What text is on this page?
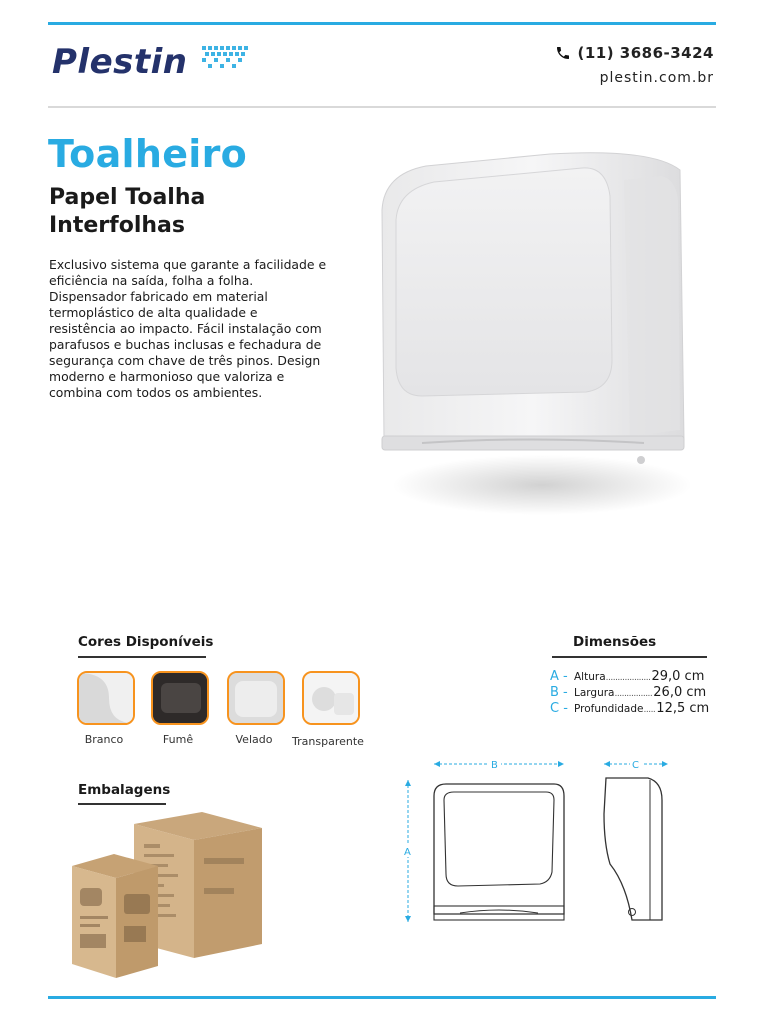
Plestin	(11) 3686-3424
plestin.com.br
Toalheiro
Papel Toalha
Interfolhas
Exclusivo sistema que garante a facilidade e eficiência na saída, folha a folha. Dispensador fabricado em material termoplástico de alta qualidade e resistência ao impacto. Fácil instalação com parafusos e buchas inclusas e fechadura de segurança com chave de três pinos. Design moderno e harmonioso que valoriza e combina com todos os ambientes.
Cores Disponíveis
Branco	Fumê	Velado	Transparente
Dimensões
A - Altura ................... 29,0 cm
B - Largura ................ 26,0 cm
C - Profundidade ..... 12,5 cm
B
A
C
Embalagens
